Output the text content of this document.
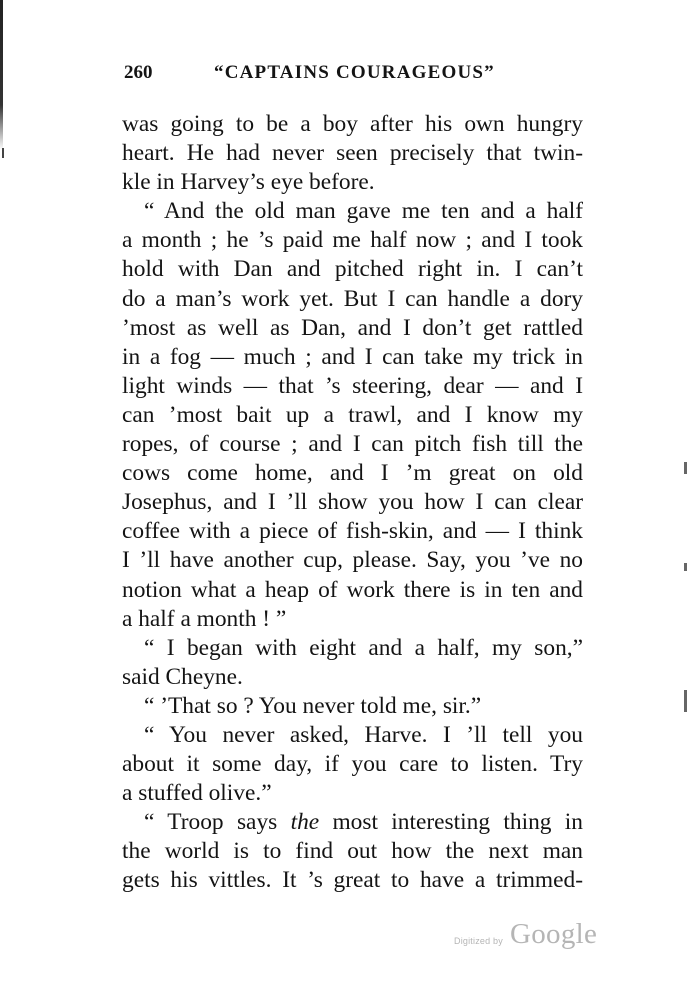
260	“CAPTAINS COURAGEOUS”
was going to be a boy after his own hungry
heart. He had never seen precisely that twin-
kle in Harvey’s eye before.
“ And the old man gave me ten and a half
a month ; he ’s paid me half now ; and I took
hold with Dan and pitched right in. I can’t
do a man’s work yet. But I can handle a dory
’most as well as Dan, and I don’t get rattled
in a fog — much ; and I can take my trick in
light winds — that ’s steering, dear — and I
can ’most bait up a trawl, and I know my
ropes, of course ; and I can pitch fish till the
cows come home, and I ’m great on old
Josephus, and I ’ll show you how I can clear
coffee with a piece of fish-skin, and — I think
I ’ll have another cup, please. Say, you ’ve no
notion what a heap of work there is in ten and
a half a month ! ”
“ I began with eight and a half, my son,”
said Cheyne.
“ ’That so ? You never told me, sir.”
“ You never asked, Harve. I ’ll tell you
about it some day, if you care to listen. Try
a stuffed olive.”
“ Troop says the most interesting thing in
the world is to find out how the next man
gets his vittles. It ’s great to have a trimmed-
Digitized by Google
